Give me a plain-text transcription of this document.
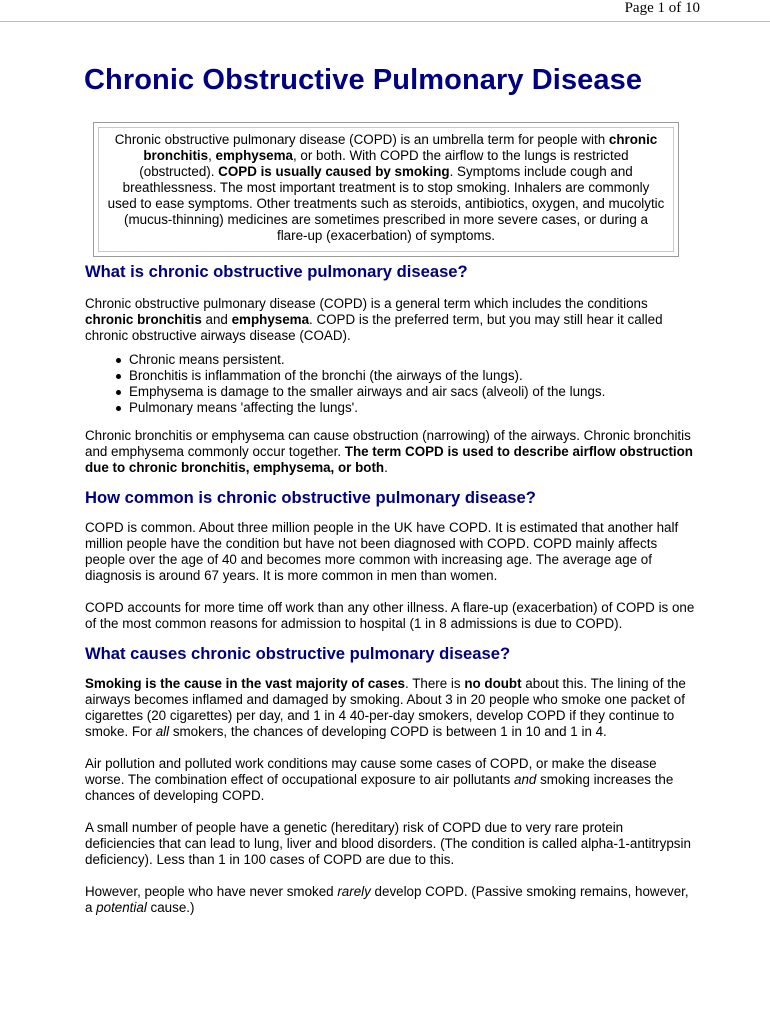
Page 1 of 10
Chronic Obstructive Pulmonary Disease
Chronic obstructive pulmonary disease (COPD) is an umbrella term for people with chronic bronchitis, emphysema, or both. With COPD the airflow to the lungs is restricted (obstructed). COPD is usually caused by smoking. Symptoms include cough and breathlessness. The most important treatment is to stop smoking. Inhalers are commonly used to ease symptoms. Other treatments such as steroids, antibiotics, oxygen, and mucolytic (mucus-thinning) medicines are sometimes prescribed in more severe cases, or during a flare-up (exacerbation) of symptoms.
What is chronic obstructive pulmonary disease?

Chronic obstructive pulmonary disease (COPD) is a general term which includes the conditions chronic bronchitis and emphysema. COPD is the preferred term, but you may still hear it called chronic obstructive airways disease (COAD).

Chronic means persistent.
Bronchitis is inflammation of the bronchi (the airways of the lungs).
Emphysema is damage to the smaller airways and air sacs (alveoli) of the lungs.
Pulmonary means 'affecting the lungs'.

Chronic bronchitis or emphysema can cause obstruction (narrowing) of the airways. Chronic bronchitis and emphysema commonly occur together. The term COPD is used to describe airflow obstruction due to chronic bronchitis, emphysema, or both.

How common is chronic obstructive pulmonary disease?

COPD is common. About three million people in the UK have COPD. It is estimated that another half million people have the condition but have not been diagnosed with COPD. COPD mainly affects people over the age of 40 and becomes more common with increasing age. The average age of diagnosis is around 67 years. It is more common in men than women.

COPD accounts for more time off work than any other illness. A flare-up (exacerbation) of COPD is one of the most common reasons for admission to hospital (1 in 8 admissions is due to COPD).

What causes chronic obstructive pulmonary disease?

Smoking is the cause in the vast majority of cases. There is no doubt about this. The lining of the airways becomes inflamed and damaged by smoking. About 3 in 20 people who smoke one packet of cigarettes (20 cigarettes) per day, and 1 in 4 40-per-day smokers, develop COPD if they continue to smoke. For all smokers, the chances of developing COPD is between 1 in 10 and 1 in 4.

Air pollution and polluted work conditions may cause some cases of COPD, or make the disease worse. The combination effect of occupational exposure to air pollutants and smoking increases the chances of developing COPD.

A small number of people have a genetic (hereditary) risk of COPD due to very rare protein deficiencies that can lead to lung, liver and blood disorders. (The condition is called alpha-1-antitrypsin deficiency). Less than 1 in 100 cases of COPD are due to this.

However, people who have never smoked rarely develop COPD. (Passive smoking remains, however, a potential cause.)
